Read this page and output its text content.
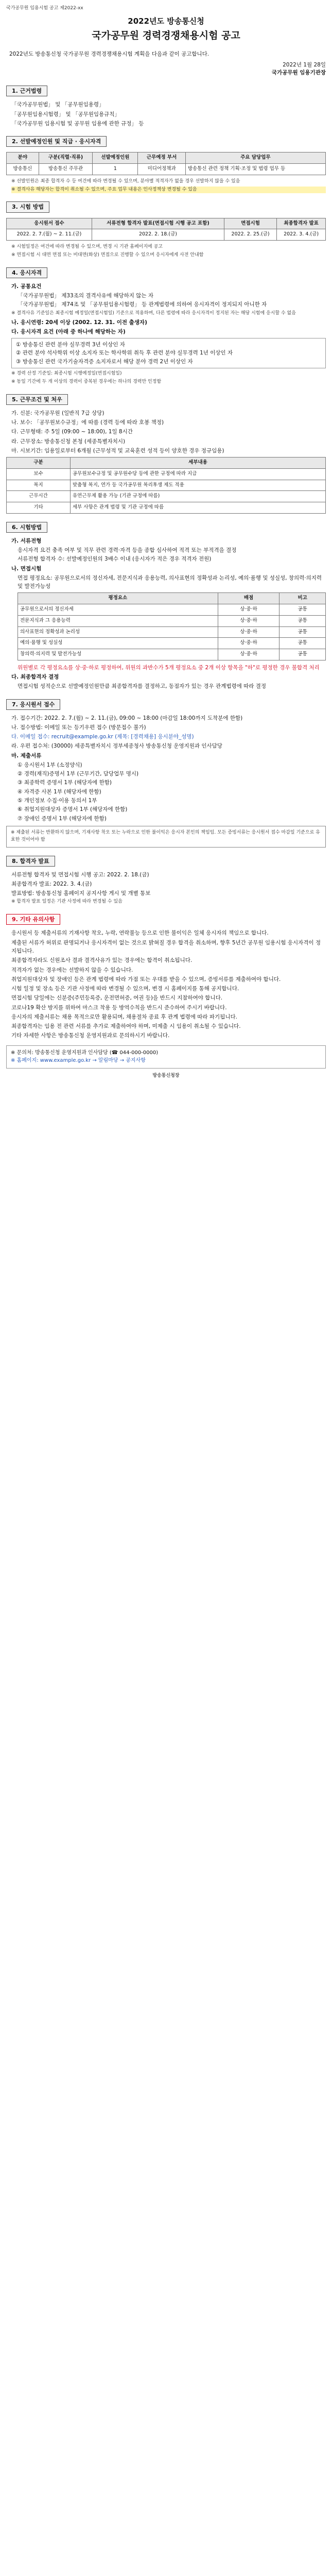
국가공무원 임용시험 공고 제2022-xx
2022년도 방송통신청
국가공무원 경력경쟁채용시험 공고
2022년도 방송통신청 국가공무원 경력경쟁채용시험 계획을 다음과 같이 공고합니다.
2022년 1월 28일
국가공무원 임용기관장
1. 근거법령
「국가공무원법」 및 「공무원임용령」
「공무원임용시험령」 및 「공무원임용규칙」
「국가공무원 임용시험 및 공무원 임용에 관한 규정」 등
2. 선발예정인원 및 직급 · 응시자격
분야	구분(직렬·직류)	선발예정인원	근무예정 부서	주요 담당업무
방송통신	방송통신 주무관	1	미디어정책과	방송통신 관련 정책 기획·조정 및 법령 업무 등
※ 선발인원은 최종 합격자 수 등 여건에 따라 변경될 수 있으며, 분야별 적격자가 없을 경우 선발하지 않을 수 있음
※ 결격사유 해당자는 합격이 취소될 수 있으며, 주요 업무 내용은 인사정책상 변경될 수 있음
3. 시험 방법
응시원서 접수	서류전형 합격자 발표(면접시험 시행 공고 포함)	면접시험	최종합격자 발표
2022. 2. 7.(월) ~ 2. 11.(금)	2022. 2. 18.(금)	2022. 2. 25.(금)	2022. 3. 4.(금)
※ 시험일정은 여건에 따라 변경될 수 있으며, 변경 시 기관 홈페이지에 공고
※ 면접시험 시 대면 면접 또는 비대면(화상) 면접으로 진행할 수 있으며 응시자에게 사전 안내함
4. 응시자격
가. 공통요건
「국가공무원법」 제33조의 결격사유에 해당하지 않는 자
「국가공무원법」 제74조 및 「공무원임용시험령」 등 관계법령에 의하여 응시자격이 정지되지 아니한 자
※ 결격사유 기준일은 최종시험 예정일(면접시험일) 기준으로 적용하며, 다른 법령에 따라 응시자격이 정지된 자는 해당 시험에 응시할 수 없음
나. 응시연령: 20세 이상 (2002. 12. 31. 이전 출생자)
다. 응시자격 요건 (아래 중 하나에 해당하는 자)
① 방송통신 관련 분야 실무경력 3년 이상인 자
② 관련 분야 석사학위 이상 소지자 또는 학사학위 취득 후 관련 분야 실무경력 1년 이상인 자
③ 방송통신 관련 국가기술자격증 소지자로서 해당 분야 경력 2년 이상인 자
※ 경력 산정 기준일: 최종시험 시행예정일(면접시험일)
※ 동일 기간에 두 개 이상의 경력이 중복된 경우에는 하나의 경력만 인정함
5. 근무조건 및 처우
가. 신분: 국가공무원 (일반직 7급 상당)
나. 보수: 「공무원보수규정」에 따름 (경력 등에 따라 호봉 책정)
다. 근무형태: 주 5일 (09:00 ~ 18:00), 1일 8시간
라. 근무장소: 방송통신청 본청 (세종특별자치시)
마. 시보기간: 임용일로부터 6개월 (근무성적 및 교육훈련 성적 등이 양호한 경우 정규임용)
구분	세부내용
보수	공무원보수규정 및 공무원수당 등에 관한 규정에 따라 지급
복지	맞춤형 복지, 연가 등 국가공무원 복리후생 제도 적용
근무시간	유연근무제 활용 가능 (기관 규정에 따름)
기타	세부 사항은 관계 법령 및 기관 규정에 따름
6. 시험방법
가. 서류전형
응시자격 요건 충족 여부 및 직무 관련 경력·자격 등을 종합 심사하여 적격 또는 부적격을 결정
서류전형 합격자 수: 선발예정인원의 3배수 이내 (응시자가 적은 경우 적격자 전원)
나. 면접시험
면접 평정요소: 공무원으로서의 정신자세, 전문지식과 응용능력, 의사표현의 정확성과 논리성, 예의·품행 및 성실성, 창의력·의지력 및 발전가능성
평정요소	배점	비고
공무원으로서의 정신자세	상·중·하	공통
전문지식과 그 응용능력	상·중·하	공통
의사표현의 정확성과 논리성	상·중·하	공통
예의·품행 및 성실성	상·중·하	공통
창의력·의지력 및 발전가능성	상·중·하	공통
위원별로 각 평정요소를 상·중·하로 평정하여, 위원의 과반수가 5개 평정요소 중 2개 이상 항목을 "하"로 평정한 경우 불합격 처리
다. 최종합격자 결정
면접시험 성적순으로 선발예정인원만큼 최종합격자를 결정하고, 동점자가 있는 경우 관계법령에 따라 결정
7. 응시원서 접수
가. 접수기간: 2022. 2. 7.(월) ~ 2. 11.(금), 09:00 ~ 18:00 (마감일 18:00까지 도착분에 한함)
나. 접수방법: 이메일 또는 등기우편 접수 (방문접수 불가)
다. 이메일 접수: recruit@example.go.kr (제목: [경력채용] 응시분야_성명)
라. 우편 접수처: (30000) 세종특별자치시 정부세종청사 방송통신청 운영지원과 인사담당
마. 제출서류
① 응시원서 1부 (소정양식)
② 경력(재직)증명서 1부 (근무기간, 담당업무 명시)
③ 최종학력 증명서 1부 (해당자에 한함)
④ 자격증 사본 1부 (해당자에 한함)
⑤ 개인정보 수집·이용 동의서 1부
⑥ 취업지원대상자 증명서 1부 (해당자에 한함)
⑦ 장애인 증명서 1부 (해당자에 한함)
※ 제출된 서류는 반환하지 않으며, 기재사항 착오 또는 누락으로 인한 불이익은 응시자 본인의 책임임. 모든 증빙서류는 응시원서 접수 마감일 기준으로 유효한 것이어야 함
8. 합격자 발표
서류전형 합격자 및 면접시험 시행 공고: 2022. 2. 18.(금)
최종합격자 발표: 2022. 3. 4.(금)
발표방법: 방송통신청 홈페이지 공지사항 게시 및 개별 통보
※ 합격자 발표 일정은 기관 사정에 따라 변경될 수 있음
9. 기타 유의사항
응시원서 등 제출서류의 기재사항 착오, 누락, 연락불능 등으로 인한 불이익은 일체 응시자의 책임으로 합니다.
제출된 서류가 허위로 판명되거나 응시자격이 없는 것으로 밝혀질 경우 합격을 취소하며, 향후 5년간 공무원 임용시험 응시자격이 정지됩니다.
최종합격자라도 신원조사 결과 결격사유가 있는 경우에는 합격이 취소됩니다.
적격자가 없는 경우에는 선발하지 않을 수 있습니다.
취업지원대상자 및 장애인 등은 관계 법령에 따라 가점 또는 우대를 받을 수 있으며, 증빙서류를 제출하여야 합니다.
시험 일정 및 장소 등은 기관 사정에 따라 변경될 수 있으며, 변경 시 홈페이지를 통해 공지합니다.
면접시험 당일에는 신분증(주민등록증, 운전면허증, 여권 등)을 반드시 지참하여야 합니다.
코로나19 확산 방지를 위하여 마스크 착용 등 방역수칙을 반드시 준수하여 주시기 바랍니다.
응시자의 제출서류는 채용 목적으로만 활용되며, 채용절차 종료 후 관계 법령에 따라 파기됩니다.
최종합격자는 임용 전 관련 서류를 추가로 제출하여야 하며, 미제출 시 임용이 취소될 수 있습니다.
기타 자세한 사항은 방송통신청 운영지원과로 문의하시기 바랍니다.
※ 문의처: 방송통신청 운영지원과 인사담당 (☎ 044-000-0000)
※ 홈페이지: www.example.go.kr → 알림마당 → 공지사항
방송통신청장
